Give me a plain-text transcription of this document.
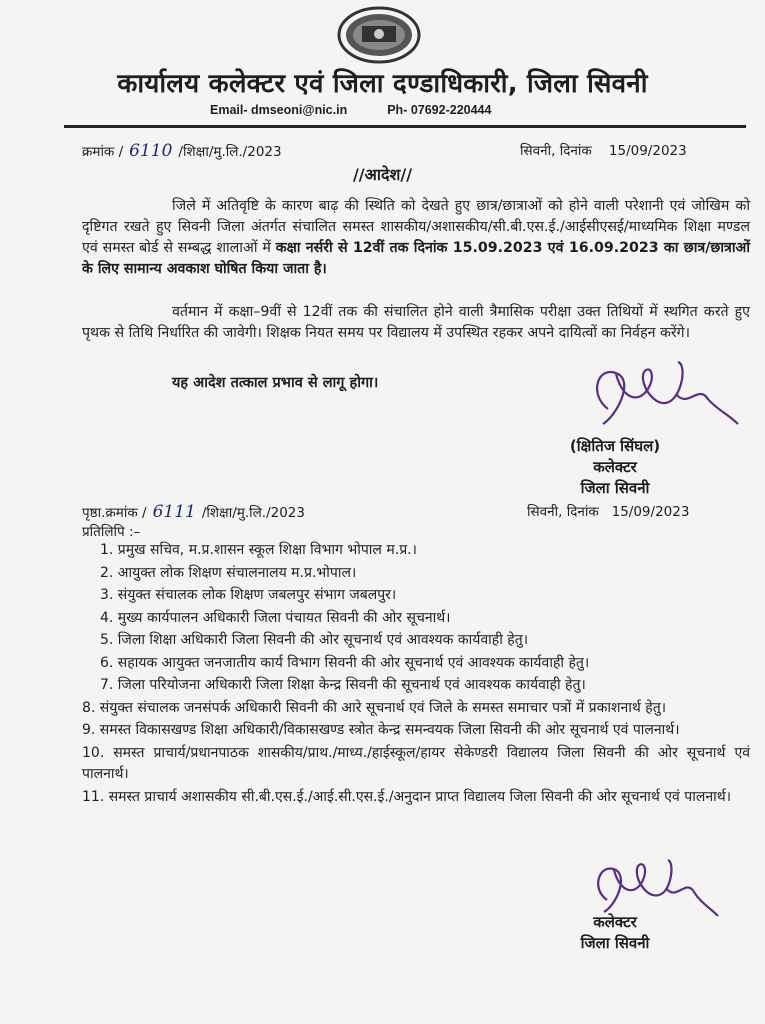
कार्यालय कलेक्टर एवं जिला दण्डाधिकारी, जिला सिवनी
Email- dmseoni@nic.in	Ph- 07692-220444
क्रमांक / 6110 /शिक्षा/मु.लि./2023	सिवनी, दिनांक 15/09/2023
//आदेश//
जिले में अतिवृष्टि के कारण बाढ़ की स्थिति को देखते हुए छात्र/छात्राओं को होने वाली परेशानी एवं जोखिम को दृष्टिगत रखते हुए सिवनी जिला अंतर्गत संचालित समस्त शासकीय/अशासकीय/सी.बी.एस.ई./आईसीएसई/माध्यमिक शिक्षा मण्डल एवं समस्त बोर्ड से सम्बद्ध शालाओं में कक्षा नर्सरी से 12वीं तक दिनांक 15.09.2023 एवं 16.09.2023 का छात्र/छात्राओं के लिए सामान्य अवकाश घोषित किया जाता है।
वर्तमान में कक्षा–9वीं से 12वीं तक की संचालित होने वाली त्रैमासिक परीक्षा उक्त तिथियों में स्थगित करते हुए पृथक से तिथि निर्धारित की जावेगी। शिक्षक नियत समय पर विद्यालय में उपस्थित रहकर अपने दायित्वों का निर्वहन करेंगे।
यह आदेश तत्काल प्रभाव से लागू होगा।
(क्षितिज सिंघल)
कलेक्टर
जिला सिवनी
पृष्ठा.क्रमांक / 6111 /शिक्षा/मु.लि./2023	सिवनी, दिनांक 15/09/2023
प्रतिलिपि :–
1. प्रमुख सचिव, म.प्र.शासन स्कूल शिक्षा विभाग भोपाल म.प्र.।
2. आयुक्त लोक शिक्षण संचालनालय म.प्र.भोपाल।
3. संयुक्त संचालक लोक शिक्षण जबलपुर संभाग जबलपुर।
4. मुख्य कार्यपालन अधिकारी जिला पंचायत सिवनी की ओर सूचनार्थ।
5. जिला शिक्षा अधिकारी जिला सिवनी की ओर सूचनार्थ एवं आवश्यक कार्यवाही हेतु।
6. सहायक आयुक्त जनजातीय कार्य विभाग सिवनी की ओर सूचनार्थ एवं आवश्यक कार्यवाही हेतु।
7. जिला परियोजना अधिकारी जिला शिक्षा केन्द्र सिवनी की सूचनार्थ एवं आवश्यक कार्यवाही हेतु।
8. संयुक्त संचालक जनसंपर्क अधिकारी सिवनी की आरे सूचनार्थ एवं जिले के समस्त समाचार पत्रों में प्रकाशनार्थ हेतु।
9. समस्त विकासखण्ड शिक्षा अधिकारी/विकासखण्ड स्त्रोत केन्द्र समन्वयक जिला सिवनी की ओर सूचनार्थ एवं पालनार्थ।
10. समस्त प्राचार्य/प्रधानपाठक शासकीय/प्राथ./माध्य./हाईस्कूल/हायर सेकेण्डरी विद्यालय जिला सिवनी की ओर सूचनार्थ एवं पालनार्थ।
11. समस्त प्राचार्य अशासकीय सी.बी.एस.ई./आई.सी.एस.ई./अनुदान प्राप्त विद्यालय जिला सिवनी की ओर सूचनार्थ एवं पालनार्थ।
कलेक्टर
जिला सिवनी
